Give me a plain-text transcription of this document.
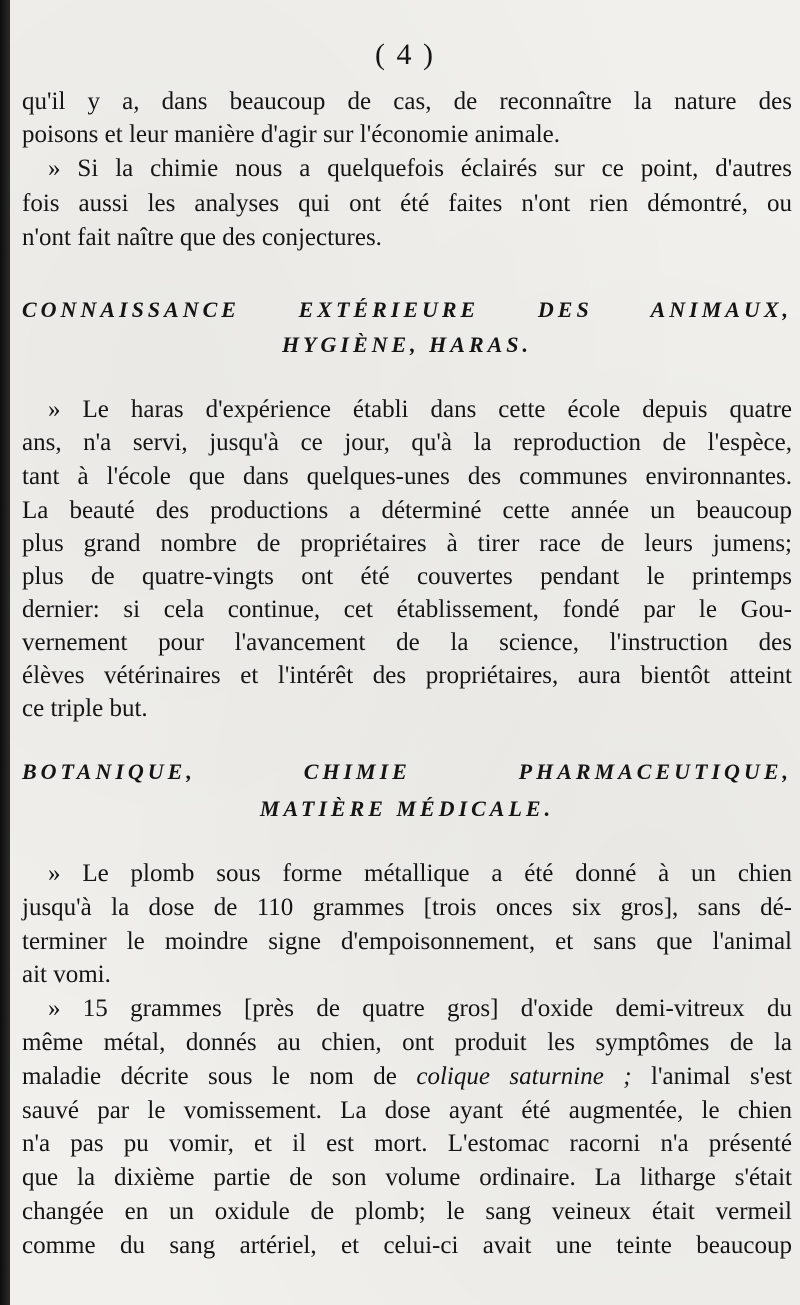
( 4 )
qu'il y a, dans beaucoup de cas, de reconnaître la nature des
poisons et leur manière d'agir sur l'économie animale.
» Si la chimie nous a quelquefois éclairés sur ce point, d'autres
fois aussi les analyses qui ont été faites n'ont rien démontré, ou
n'ont fait naître que des conjectures.
CONNAISSANCE EXTÉRIEURE DES ANIMAUX,
HYGIÈNE, HARAS.
» Le haras d'expérience établi dans cette école depuis quatre
ans, n'a servi, jusqu'à ce jour, qu'à la reproduction de l'espèce,
tant à l'école que dans quelques-unes des communes environnantes.
La beauté des productions a déterminé cette année un beaucoup
plus grand nombre de propriétaires à tirer race de leurs jumens;
plus de quatre-vingts ont été couvertes pendant le printemps
dernier: si cela continue, cet établissement, fondé par le Gou-
vernement pour l'avancement de la science, l'instruction des
élèves vétérinaires et l'intérêt des propriétaires, aura bientôt atteint
ce triple but.
BOTANIQUE, CHIMIE PHARMACEUTIQUE,
MATIÈRE MÉDICALE.
» Le plomb sous forme métallique a été donné à un chien
jusqu'à la dose de 110 grammes [trois onces six gros], sans dé-
terminer le moindre signe d'empoisonnement, et sans que l'animal
ait vomi.
» 15 grammes [près de quatre gros] d'oxide demi-vitreux du
même métal, donnés au chien, ont produit les symptômes de la
maladie décrite sous le nom de colique saturnine ; l'animal s'est
sauvé par le vomissement. La dose ayant été augmentée, le chien
n'a pas pu vomir, et il est mort. L'estomac racorni n'a présenté
que la dixième partie de son volume ordinaire. La litharge s'était
changée en un oxidule de plomb; le sang veineux était vermeil
comme du sang artériel, et celui-ci avait une teinte beaucoup
